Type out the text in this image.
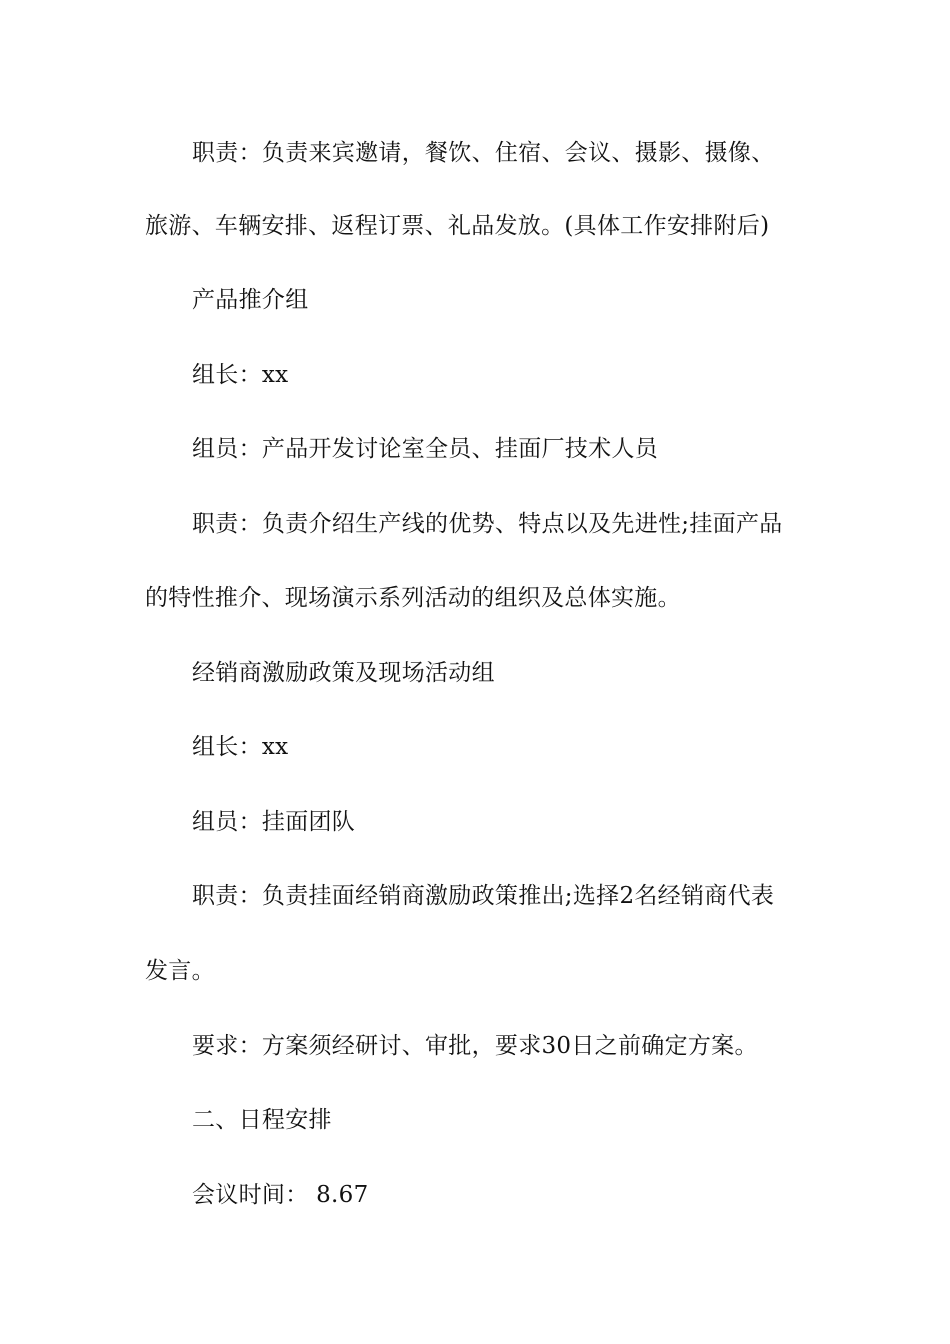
职责：负责来宾邀请，餐饮、住宿、会议、摄影、摄像、

旅游、车辆安排、返程订票、礼品发放。(具体工作安排附后)

产品推介组

组长：xx

组员：产品开发讨论室全员、挂面厂技术人员

职责：负责介绍生产线的优势、特点以及先进性;挂面产品

的特性推介、现场演示系列活动的组织及总体实施。

经销商激励政策及现场活动组

组长：xx

组员：挂面团队

职责：负责挂面经销商激励政策推出;选择2名经销商代表

发言。

要求：方案须经研讨、审批，要求30日之前确定方案。

二、日程安排

会议时间： 8.67
